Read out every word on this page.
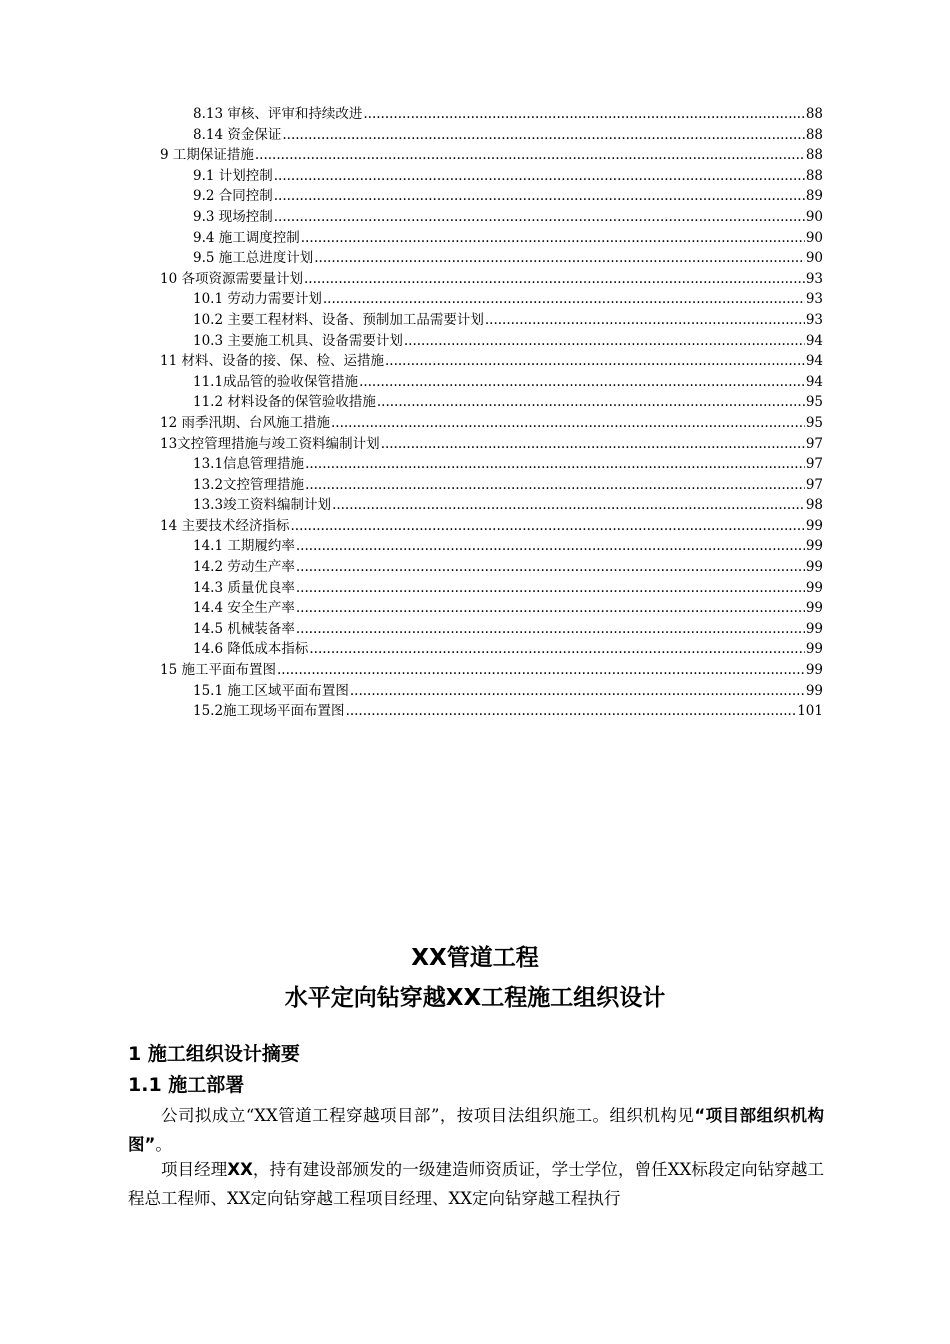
8.13 审核、评审和持续改进 .....	88
8.14 资金保证 .....	88
9 工期保证措施 .....	88
9.1 计划控制 .....	88
9.2 合同控制 .....	89
9.3 现场控制 .....	90
9.4 施工调度控制 .....	90
9.5 施工总进度计划 .....	90
10 各项资源需要量计划 .....	93
10.1 劳动力需要计划 .....	93
10.2 主要工程材料、设备、预制加工品需要计划 .....	93
10.3 主要施工机具、设备需要计划 .....	94
11 材料、设备的接、保、检、运措施 .....	94
11.1成品管的验收保管措施 .....	94
11.2 材料设备的保管验收措施 .....	95
12 雨季汛期、台风施工措施 .....	95
13文控管理措施与竣工资料编制计划 .....	97
13.1信息管理措施 .....	97
13.2文控管理措施 .....	97
13.3竣工资料编制计划 .....	98
14 主要技术经济指标 .....	99
14.1 工期履约率 .....	99
14.2 劳动生产率 .....	99
14.3 质量优良率 .....	99
14.4 安全生产率 .....	99
14.5 机械装备率 .....	99
14.6 降低成本指标 .....	99
15 施工平面布置图 .....	99
15.1 施工区域平面布置图 .....	99
15.2施工现场平面布置图 .....	101
XX管道工程
水平定向钻穿越XX工程施工组织设计
1 施工组织设计摘要
1.1 施工部署
公司拟成立“XX管道工程穿越项目部”，按项目法组织施工。组织机构见“项目部组织机构图”。
项目经理XX，持有建设部颁发的一级建造师资质证，学士学位，曾任XX标段定向钻穿越工程总工程师、XX定向钻穿越工程项目经理、XX定向钻穿越工程执行
